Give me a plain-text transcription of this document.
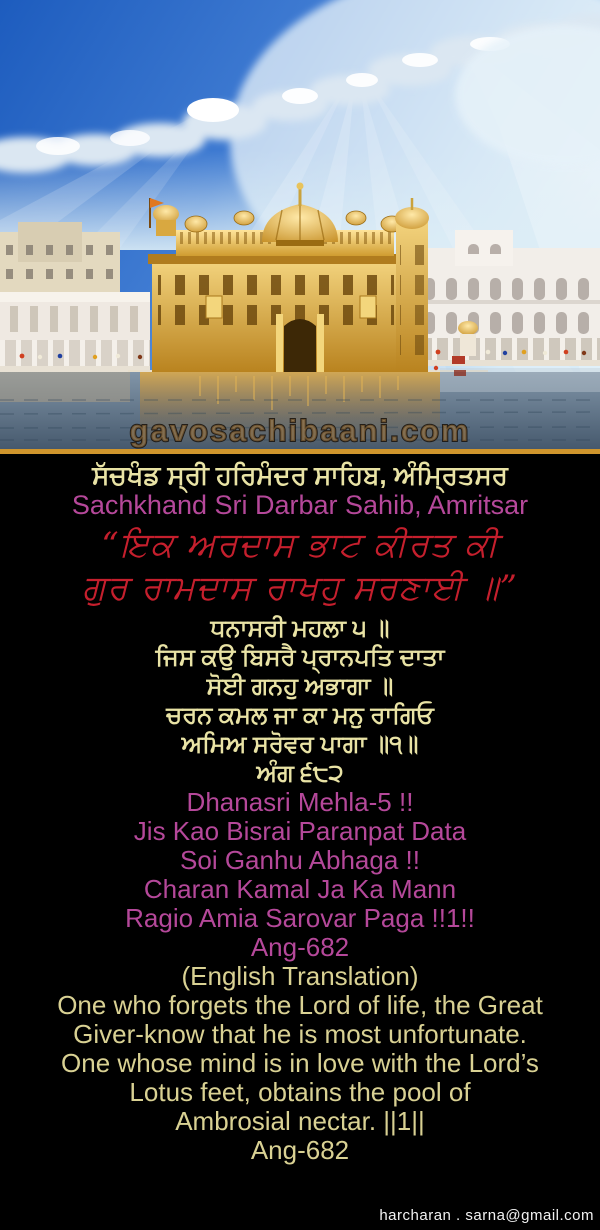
gavosachibaani.com
ਸੱਚਖੰਡ ਸ੍ਰੀ ਹਰਿਮੰਦਰ ਸਾਹਿਬ, ਅੰਮ੍ਰਿਤਸਰ
Sachkhand Sri Darbar Sahib, Amritsar
“ਇਕ ਅਰਦਾਸ ਭਾਟ ਕੀਰਤ ਕੀ
ਗੁਰ ਰਾਮਦਾਸ ਰਾਖਹੁ ਸਰਣਾਈ ॥”
ਧਨਾਸਰੀ ਮਹਲਾ ੫ ॥
ਜਿਸ ਕਉ ਬਿਸਰੈ ਪ੍ਰਾਨਪਤਿ ਦਾਤਾ
ਸੋਈ ਗਨਹੁ ਅਭਾਗਾ ॥
ਚਰਨ ਕਮਲ ਜਾ ਕਾ ਮਨੁ ਰਾਗਿਓ
ਅਮਿਅ ਸਰੋਵਰ ਪਾਗਾ ॥੧॥
ਅੰਗ ੬੮੨
Dhanasri Mehla-5 !!
Jis Kao Bisrai Paranpat Data
Soi Ganhu Abhaga !!
Charan Kamal Ja Ka Mann
Ragio Amia Sarovar Paga !!1!!
Ang-682
(English Translation)
One who forgets the Lord of life, the Great
Giver-know that he is most unfortunate.
One whose mind is in love with the Lord’s
Lotus feet, obtains the pool of
Ambrosial nectar. ||1||
Ang-682
harcharan . sarna@gmail.com
